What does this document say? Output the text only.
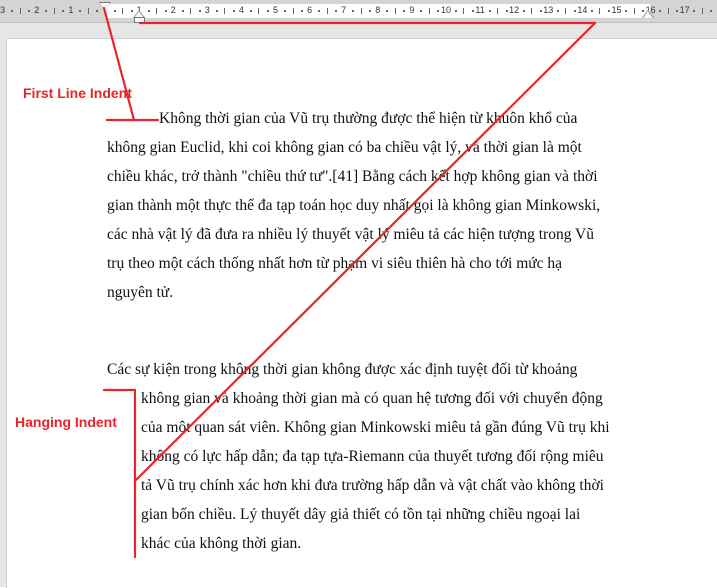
3	2	1	1	2	3	4	5	6	7	8	9	10	11	12	13	14	15	16	17
Không thời gian của Vũ trụ thường được thể hiện từ khuôn khổ của
không gian Euclid, khi coi không gian có ba chiều vật lý, và thời gian là một
chiều khác, trở thành "chiều thứ tư".[41] Bằng cách kết hợp không gian và thời
gian thành một thực thể đa tạp toán học duy nhất gọi là không gian Minkowski,
các nhà vật lý đã đưa ra nhiều lý thuyết vật lý miêu tả các hiện tượng trong Vũ
trụ theo một cách thống nhất hơn từ phạm vi siêu thiên hà cho tới mức hạ
nguyên tử.
Các sự kiện trong không thời gian không được xác định tuyệt đối từ khoảng
không gian và khoảng thời gian mà có quan hệ tương đối với chuyển động
của một quan sát viên. Không gian Minkowski miêu tả gần đúng Vũ trụ khi
không có lực hấp dẫn; đa tạp tựa-Riemann của thuyết tương đối rộng miêu
tả Vũ trụ chính xác hơn khi đưa trường hấp dẫn và vật chất vào không thời
gian bốn chiều. Lý thuyết dây giả thiết có tồn tại những chiều ngoại lai
khác của không thời gian.
First Line Indent
Hanging Indent
